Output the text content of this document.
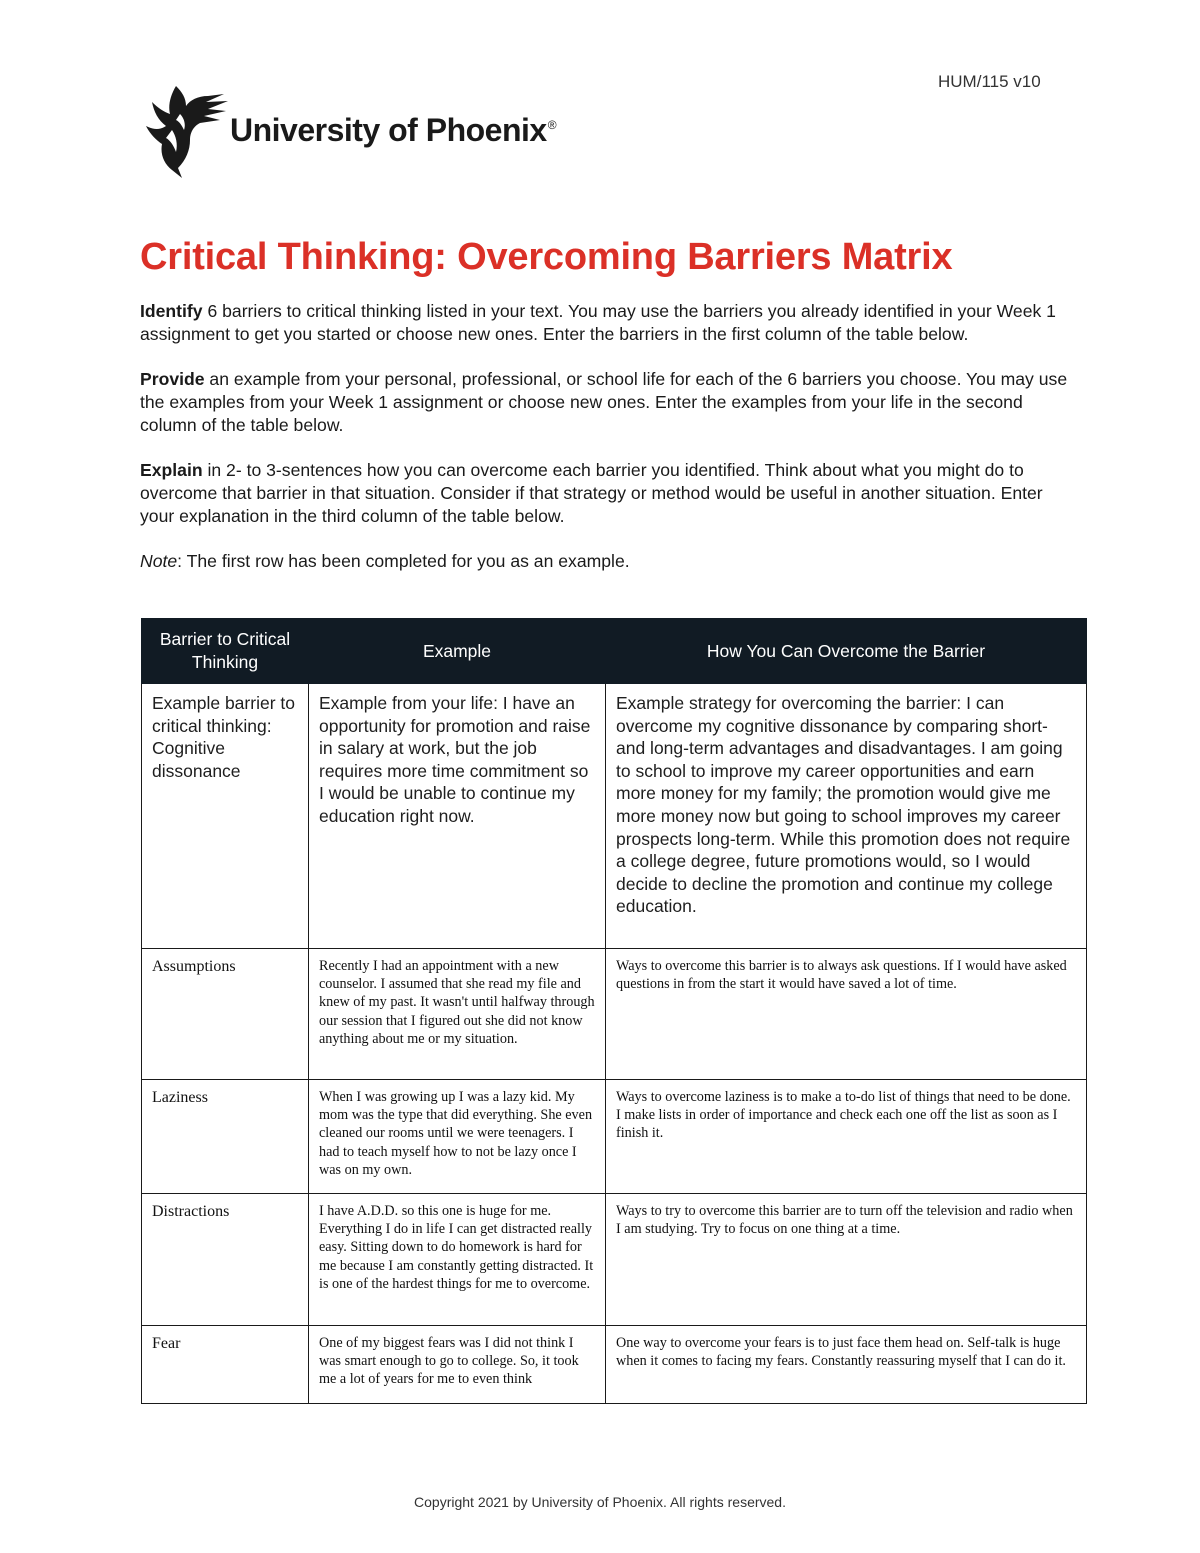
HUM/115 v10
University of Phoenix®
Critical Thinking: Overcoming Barriers Matrix

Identify 6 barriers to critical thinking listed in your text. You may use the barriers you already identified in your Week 1 assignment to get you started or choose new ones. Enter the barriers in the first column of the table below.

Provide an example from your personal, professional, or school life for each of the 6 barriers you choose. You may use the examples from your Week 1 assignment or choose new ones. Enter the examples from your life in the second column of the table below.

Explain in 2- to 3-sentences how you can overcome each barrier you identified. Think about what you might do to overcome that barrier in that situation. Consider if that strategy or method would be useful in another situation. Enter your explanation in the third column of the table below.

Note: The first row has been completed for you as an example.

Barrier to Critical Thinking	Example	How You Can Overcome the Barrier
Example barrier to critical thinking: Cognitive dissonance	Example from your life: I have an opportunity for promotion and raise in salary at work, but the job requires more time commitment so I would be unable to continue my education right now.	Example strategy for overcoming the barrier: I can overcome my cognitive dissonance by comparing short- and long-term advantages and disadvantages. I am going to school to improve my career opportunities and earn more money for my family; the promotion would give me more money now but going to school improves my career prospects long-term. While this promotion does not require a college degree, future promotions would, so I would decide to decline the promotion and continue my college education.
Assumptions	Recently I had an appointment with a new counselor. I assumed that she read my file and knew of my past. It wasn't until halfway through our session that I figured out she did not know anything about me or my situation.	Ways to overcome this barrier is to always ask questions. If I would have asked questions in from the start it would have saved a lot of time.
Laziness	When I was growing up I was a lazy kid. My mom was the type that did everything. She even cleaned our rooms until we were teenagers. I had to teach myself how to not be lazy once I was on my own.	Ways to overcome laziness is to make a to-do list of things that need to be done. I make lists in order of importance and check each one off the list as soon as I finish it.
Distractions	I have A.D.D. so this one is huge for me. Everything I do in life I can get distracted really easy. Sitting down to do homework is hard for me because I am constantly getting distracted. It is one of the hardest things for me to overcome.	Ways to try to overcome this barrier are to turn off the television and radio when I am studying. Try to focus on one thing at a time.
Fear	One of my biggest fears was I did not think I was smart enough to go to college. So, it took me a lot of years for me to even think	One way to overcome your fears is to just face them head on. Self-talk is huge when it comes to facing my fears. Constantly reassuring myself that I can do it.
Copyright 2021 by University of Phoenix. All rights reserved.
